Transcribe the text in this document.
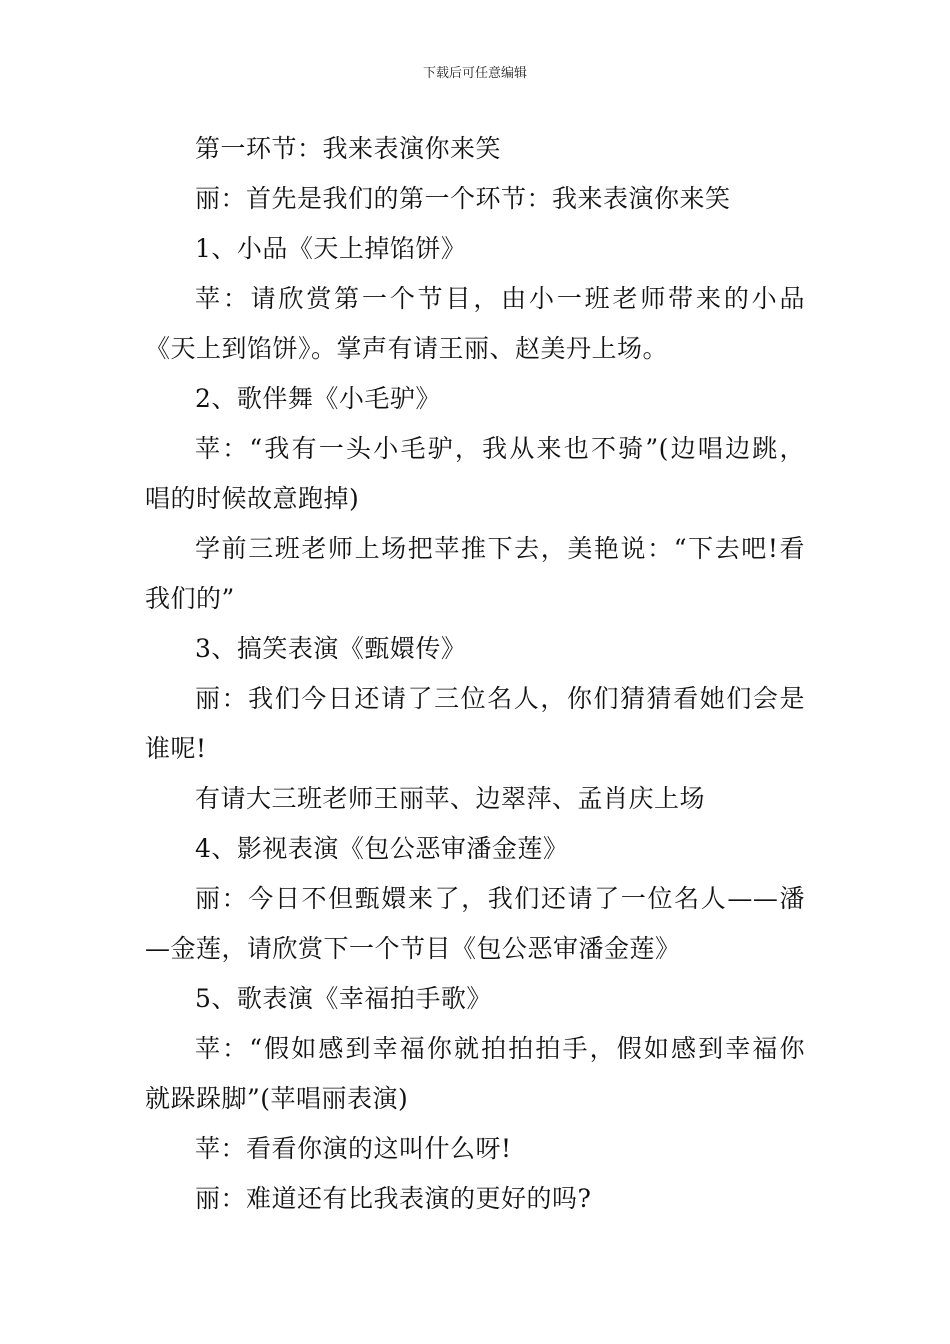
下载后可任意编辑
第一环节：我来表演你来笑
丽：首先是我们的第一个环节：我来表演你来笑
1、小品《天上掉馅饼》
苹：请欣赏第一个节目，由小一班老师带来的小品
《天上到馅饼》。掌声有请王丽、赵美丹上场。
2、歌伴舞《小毛驴》
苹：“我有一头小毛驴，我从来也不骑”(边唱边跳，
唱的时候故意跑掉)
学前三班老师上场把苹推下去，美艳说：“下去吧!看
我们的”
3、搞笑表演《甄嬛传》
丽：我们今日还请了三位名人，你们猜猜看她们会是
谁呢!
有请大三班老师王丽苹、边翠萍、孟肖庆上场
4、影视表演《包公恶审潘金莲》
丽：今日不但甄嬛来了，我们还请了一位名人——潘
—金莲，请欣赏下一个节目《包公恶审潘金莲》
5、歌表演《幸福拍手歌》
苹：“假如感到幸福你就拍拍拍手，假如感到幸福你
就跺跺脚”(苹唱丽表演)
苹：看看你演的这叫什么呀!
丽：难道还有比我表演的更好的吗?
